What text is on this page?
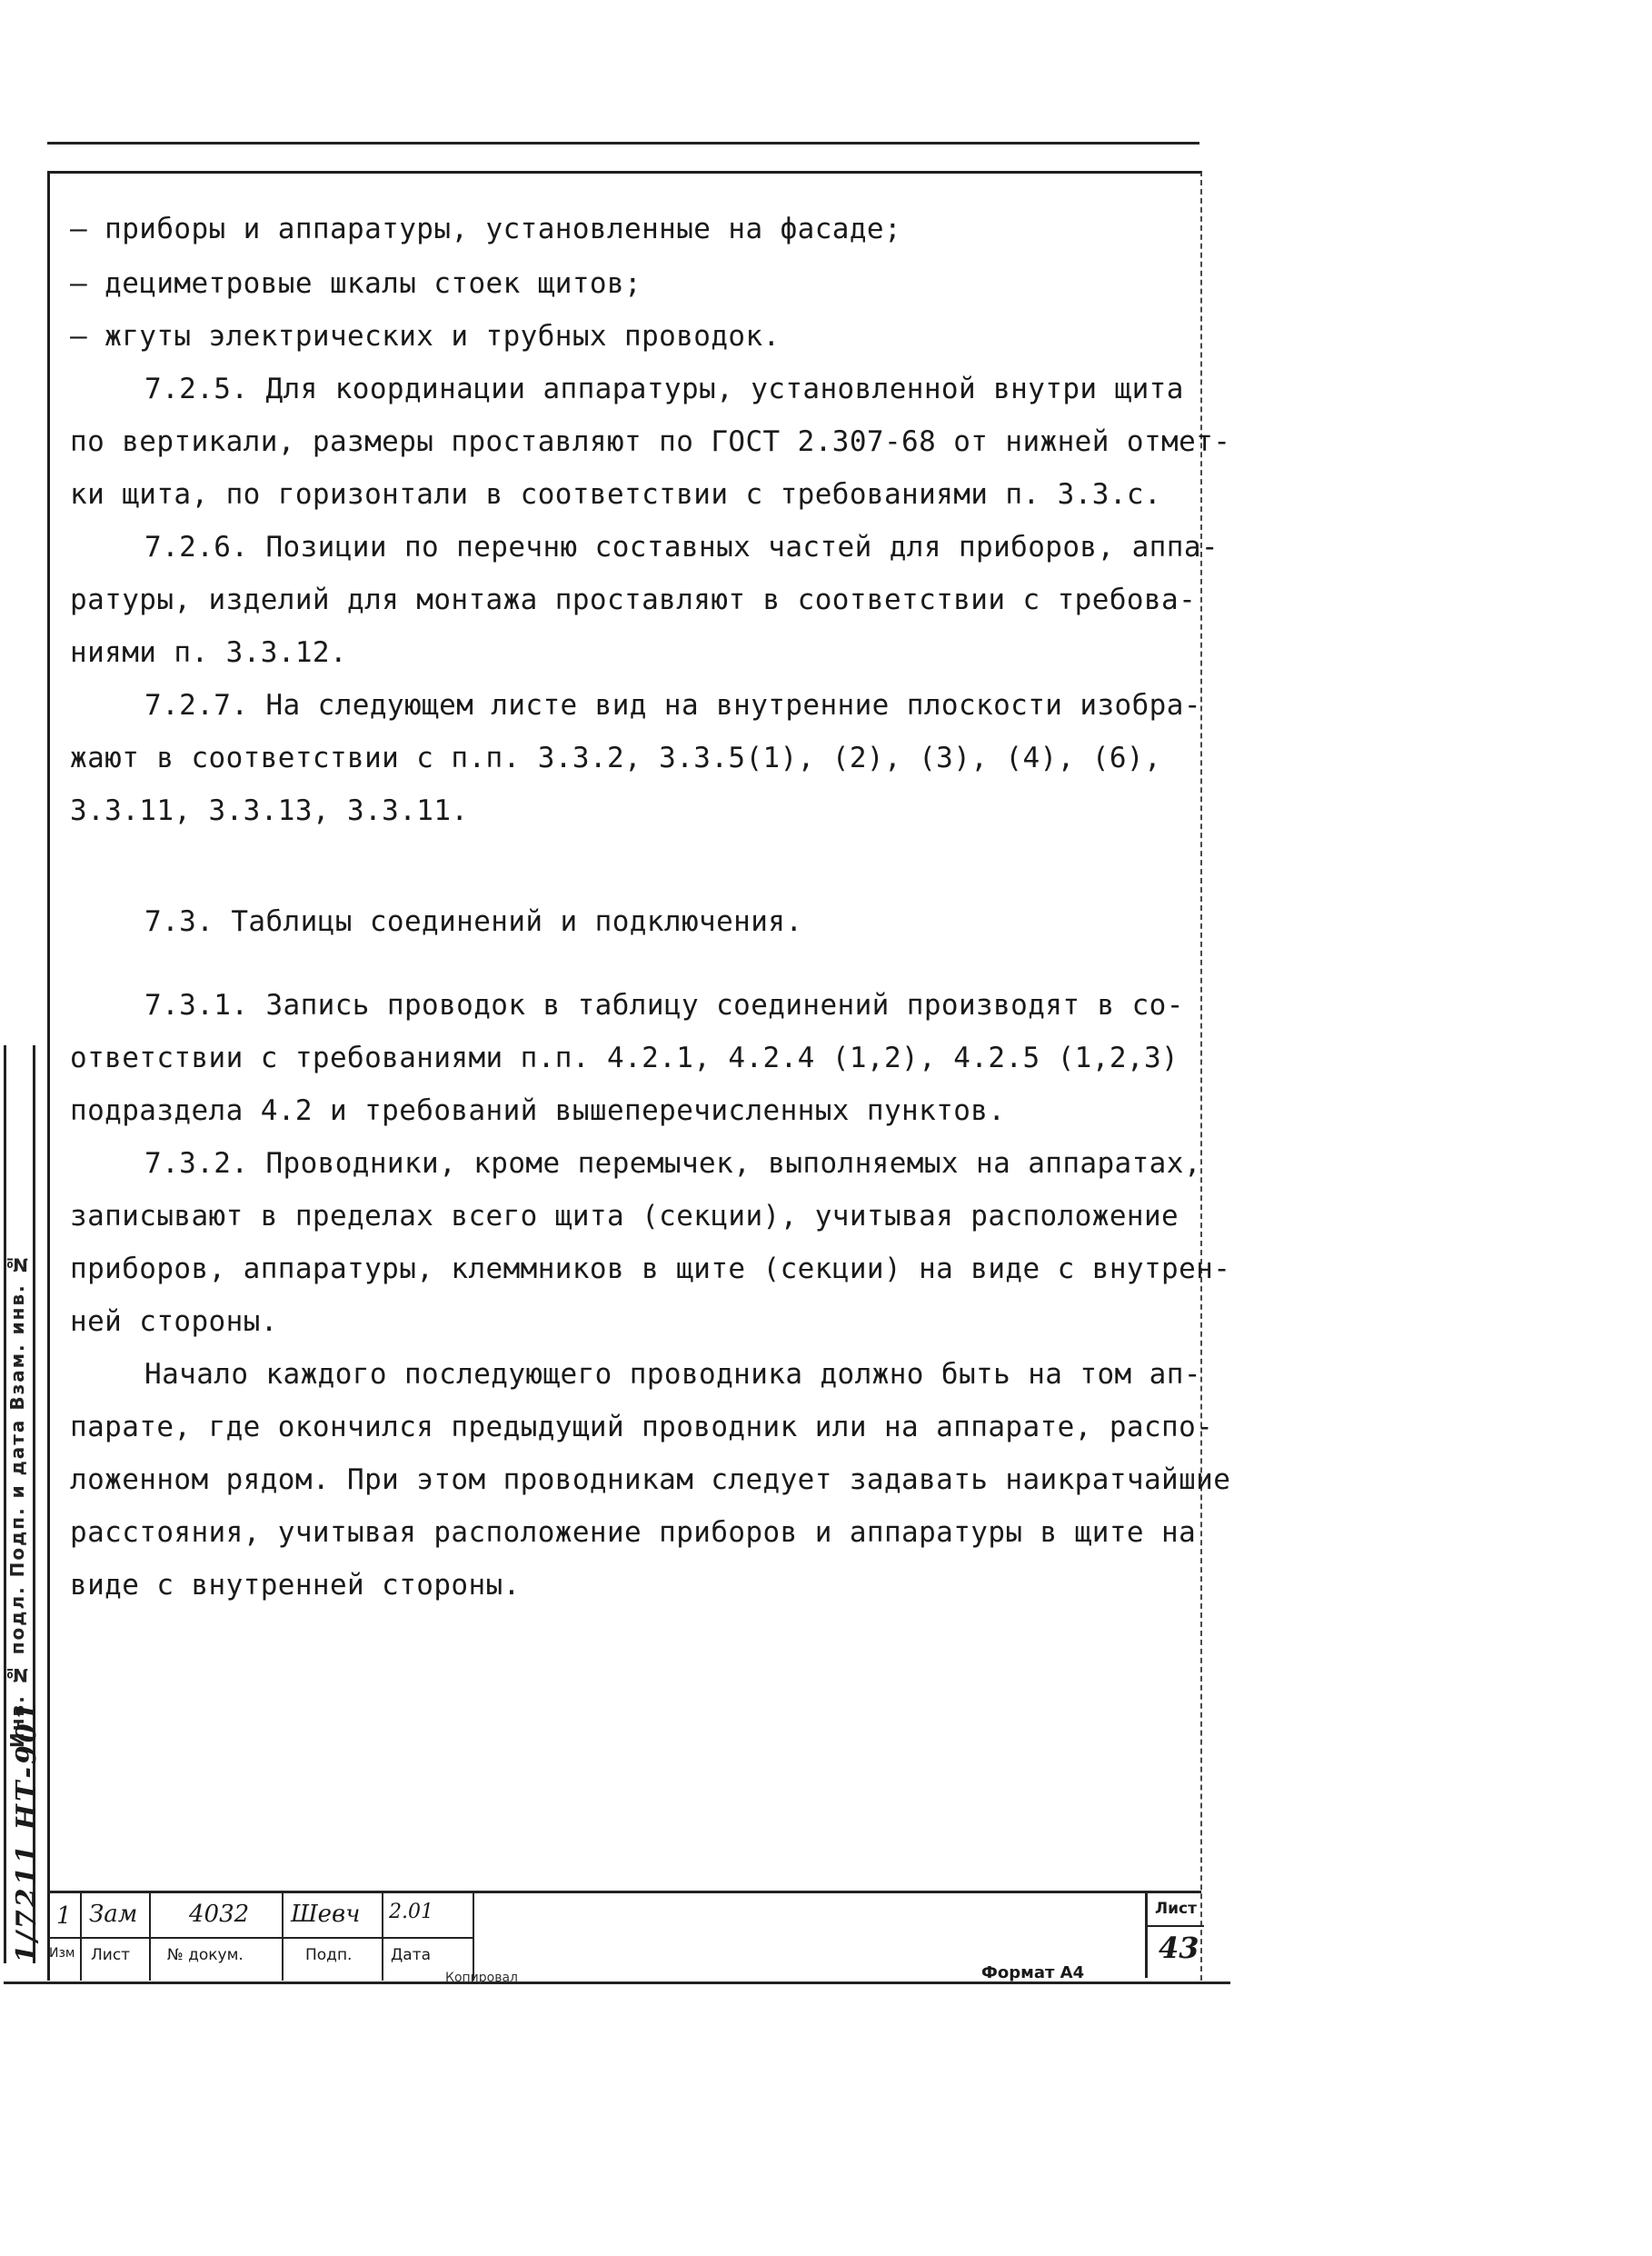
– приборы и аппаратуры, установленные на фасаде;
– дециметровые шкалы стоек щитов;
– жгуты электрических и трубных проводок.
7.2.5. Для координации аппаратуры, установленной внутри щита
по вертикали, размеры проставляют по ГОСТ 2.307-68 от нижней отмет-
ки щита, по горизонтали в соответствии с требованиями п. 3.3.с.
7.2.6. Позиции по перечню составных частей для приборов, аппа-
ратуры, изделий для монтажа проставляют в соответствии с требова-
ниями п. 3.3.12.
7.2.7. На следующем листе вид на внутренние плоскости изобра-
жают в соответствии с п.п. 3.3.2, 3.3.5(1), (2), (3), (4), (6),
3.3.11, 3.3.13, 3.3.11.
7.3. Таблицы соединений и подключения.
7.3.1. Запись проводок в таблицу соединений производят в со-
ответствии с требованиями п.п. 4.2.1, 4.2.4 (1,2), 4.2.5 (1,2,3)
подраздела 4.2 и требований вышеперечисленных пунктов.
7.3.2. Проводники, кроме перемычек, выполняемых на аппаратах,
записывают в пределах всего щита (секции), учитывая расположение
приборов, аппаратуры, клеммников в щите (секции) на виде с внутрен-
ней стороны.
Начало каждого последующего проводника должно быть на том ап-
парате, где окончился предыдущий проводник или на аппарате, распо-
ложенном рядом. При этом проводникам следует задавать наикратчайшие
расстояния, учитывая расположение приборов и аппаратуры в щите на
виде с внутренней стороны.
Инв. № подл. Подп. и дата Взам. инв. №
1/7211 НТ-901 1
Изм
Зам
Лист
4032
№ докум.
Шевч
Подп.
2.01
Дата
Лист
43
Копировал	Формат А4
